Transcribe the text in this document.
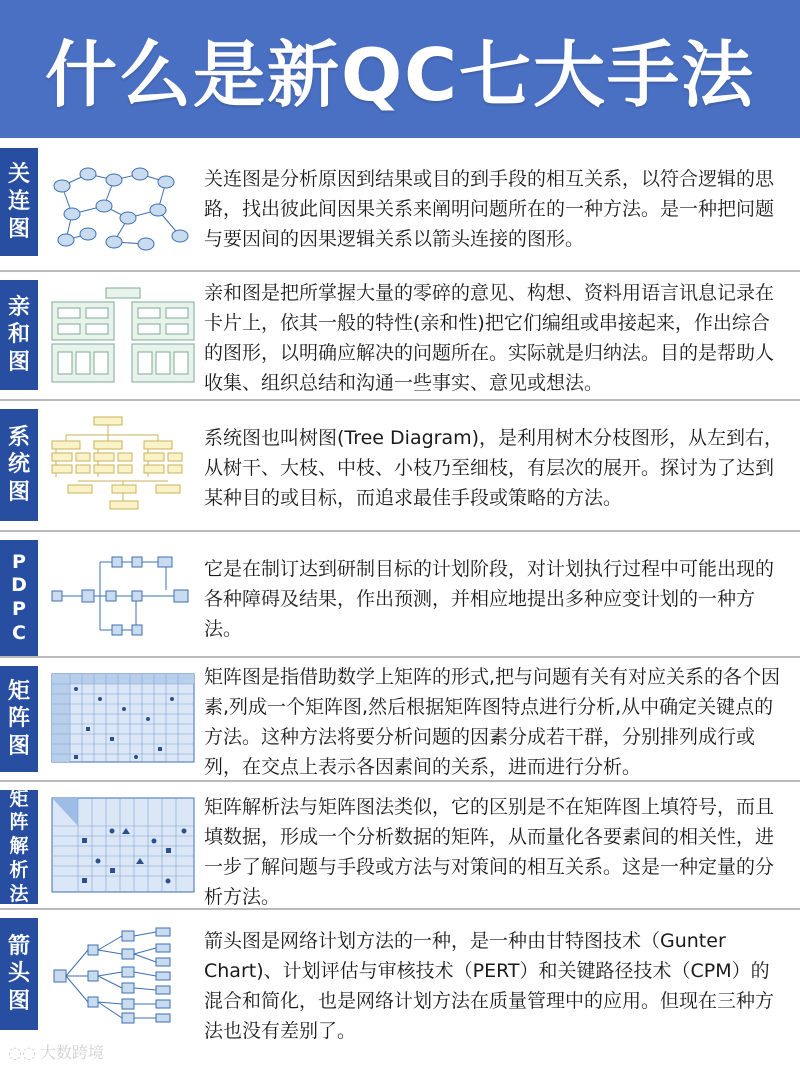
什么是新QC七大手法
关
连
图
关连图是分析原因到结果或目的到手段的相互关系，以符合逻辑的思路，找出彼此间因果关系来阐明问题所在的一种方法。是一种把问题与要因间的因果逻辑关系以箭头连接的图形。
亲
和
图
亲和图是把所掌握大量的零碎的意见、构想、资料用语言讯息记录在卡片上，依其一般的特性(亲和性)把它们编组或串接起来，作出综合的图形，以明确应解决的问题所在。实际就是归纳法。目的是帮助人收集、组织总结和沟通一些事实、意见或想法。
系
统
图
系统图也叫树图(Tree Diagram)，是利用树木分枝图形，从左到右，从树干、大枝、中枝、小枝乃至细枝，有层次的展开。探讨为了达到某种目的或目标，而追求最佳手段或策略的方法。
P
D
P
C
它是在制订达到研制目标的计划阶段，对计划执行过程中可能出现的各种障碍及结果，作出预测，并相应地提出多种应变计划的一种方法。
矩
阵
图
矩阵图是指借助数学上矩阵的形式,把与问题有关有对应关系的各个因素,列成一个矩阵图,然后根据矩阵图特点进行分析,从中确定关键点的方法。这种方法将要分析问题的因素分成若干群，分别排列成行或列，在交点上表示各因素间的关系，进而进行分析。
矩
阵
解
析
法
矩阵解析法与矩阵图法类似，它的区别是不在矩阵图上填符号，而且填数据，形成一个分析数据的矩阵，从而量化各要素间的相关性，进一步了解问题与手段或方法与对策间的相互关系。这是一种定量的分析方法。
箭
头
图
箭头图是网络计划方法的一种，是一种由甘特图技术（Gunter Chart)、计划评估与审核技术（PERT）和关键路径技术（CPM）的混合和简化，也是网络计划方法在质量管理中的应用。但现在三种方法也没有差别了。
◌◌ 大数跨境
